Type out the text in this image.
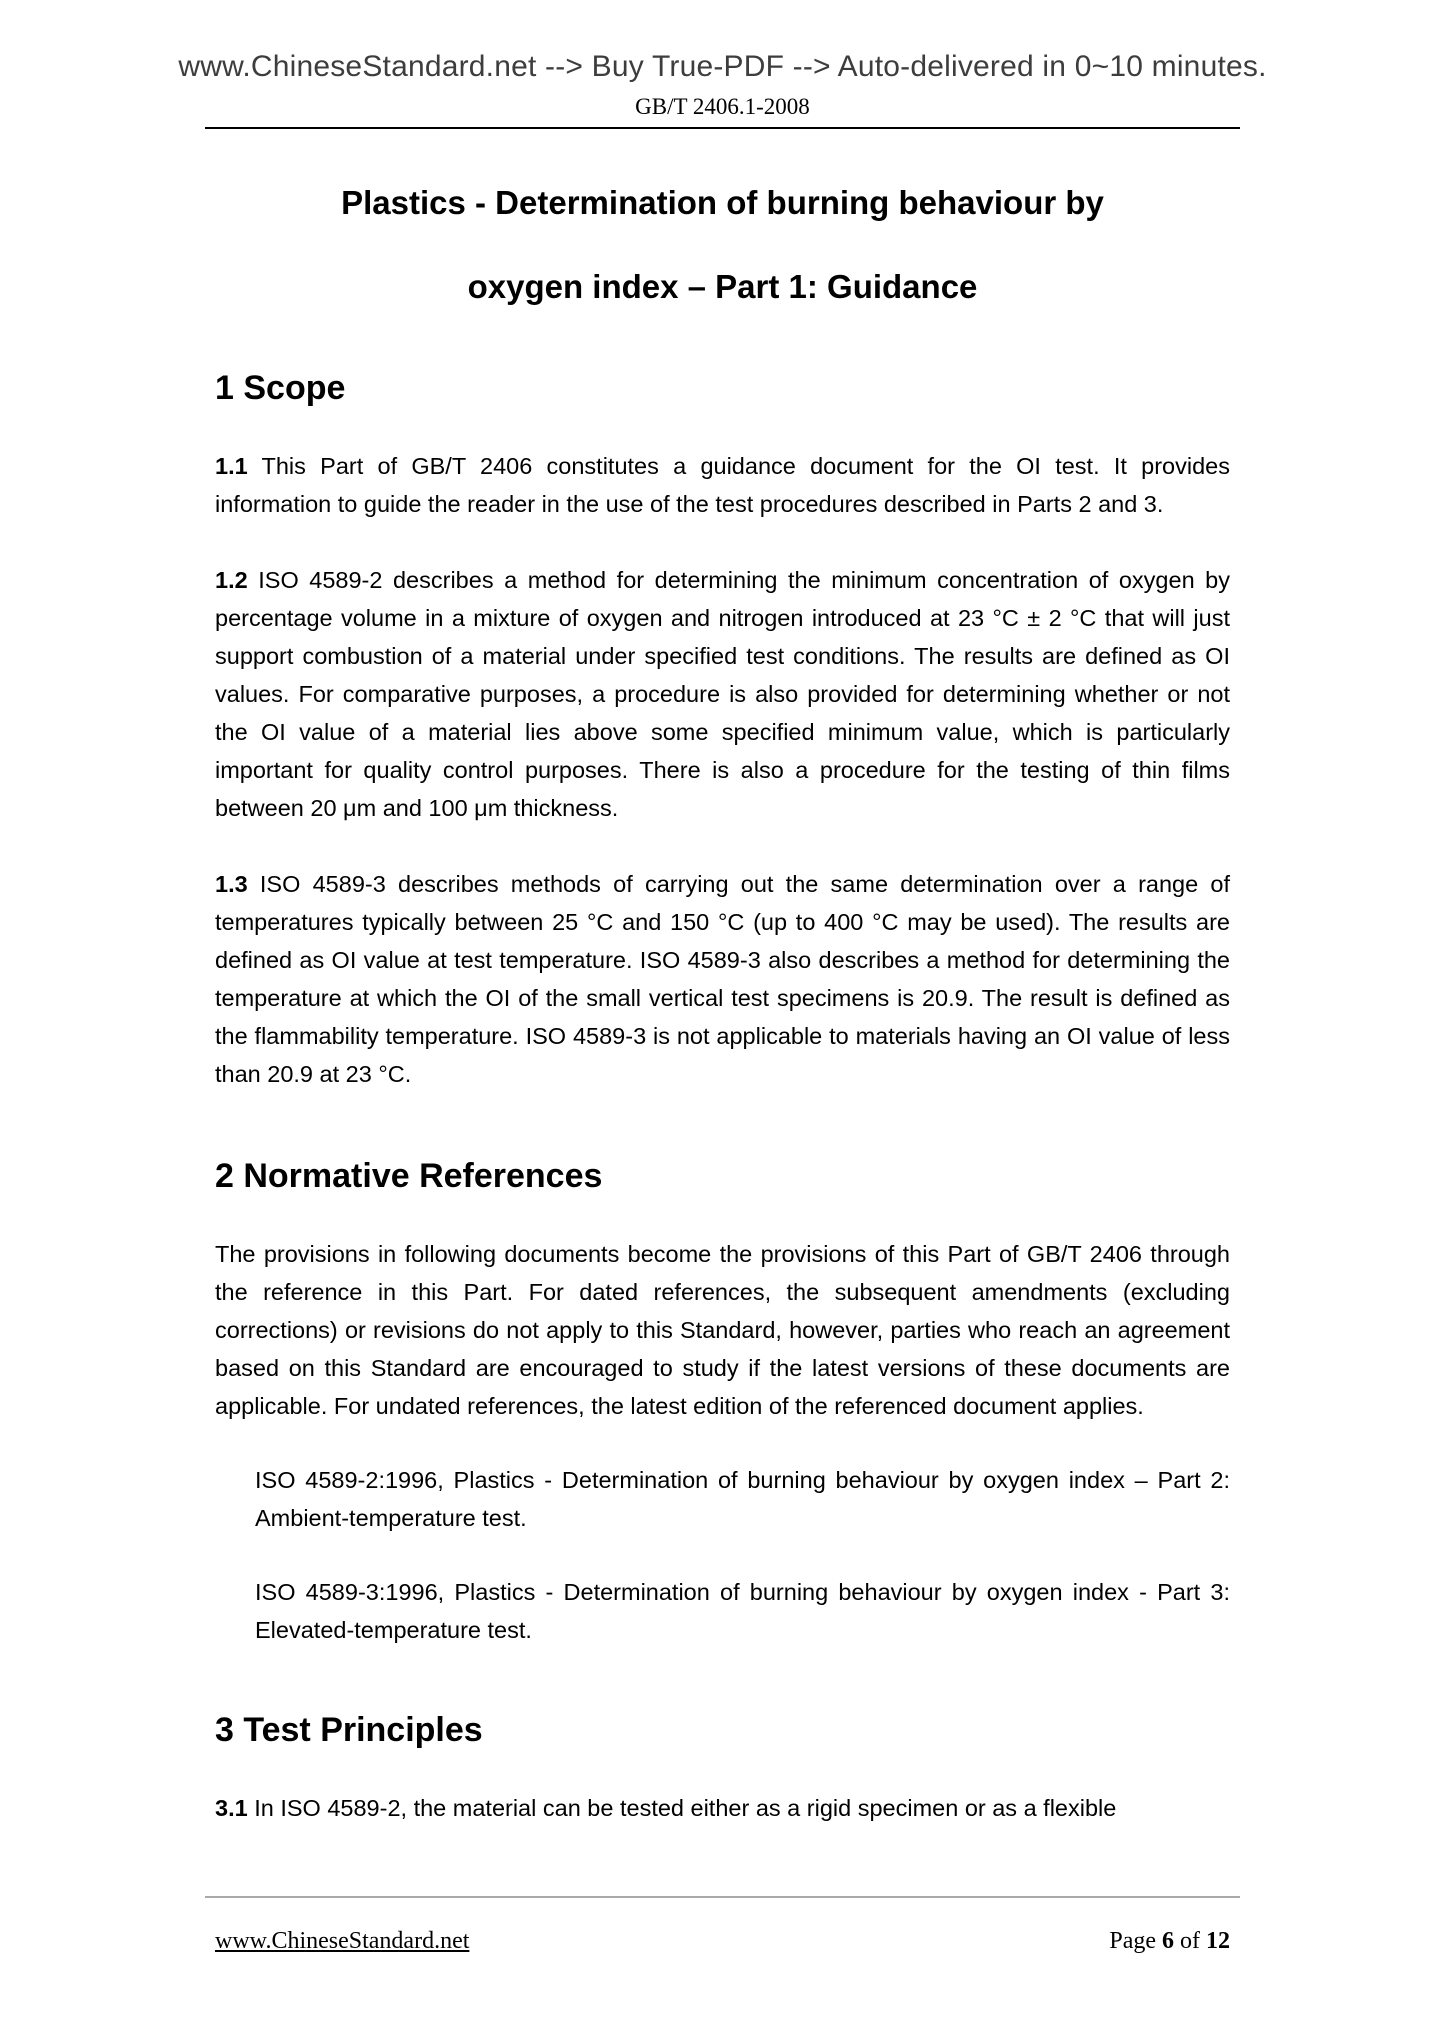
www.ChineseStandard.net --> Buy True-PDF --> Auto-delivered in 0~10 minutes.
GB/T 2406.1-2008
Plastics - Determination of burning behaviour by
oxygen index – Part 1: Guidance
1 Scope

1.1 This Part of GB/T 2406 constitutes a guidance document for the OI test. It provides information to guide the reader in the use of the test procedures described in Parts 2 and 3.

1.2 ISO 4589-2 describes a method for determining the minimum concentration of oxygen by percentage volume in a mixture of oxygen and nitrogen introduced at 23 °C ± 2 °C that will just support combustion of a material under specified test conditions. The results are defined as OI values. For comparative purposes, a procedure is also provided for determining whether or not the OI value of a material lies above some specified minimum value, which is particularly important for quality control purposes. There is also a procedure for the testing of thin films between 20 μm and 100 μm thickness.

1.3 ISO 4589-3 describes methods of carrying out the same determination over a range of temperatures typically between 25 °C and 150 °C (up to 400 °C may be used). The results are defined as OI value at test temperature. ISO 4589-3 also describes a method for determining the temperature at which the OI of the small vertical test specimens is 20.9. The result is defined as the flammability temperature. ISO 4589-3 is not applicable to materials having an OI value of less than 20.9 at 23 °C.

2 Normative References

The provisions in following documents become the provisions of this Part of GB/T 2406 through the reference in this Part. For dated references, the subsequent amendments (excluding corrections) or revisions do not apply to this Standard, however, parties who reach an agreement based on this Standard are encouraged to study if the latest versions of these documents are applicable. For undated references, the latest edition of the referenced document applies.

ISO 4589-2:1996, Plastics - Determination of burning behaviour by oxygen index – Part 2: Ambient-temperature test.

ISO 4589-3:1996, Plastics - Determination of burning behaviour by oxygen index - Part 3: Elevated-temperature test.

3 Test Principles

3.1 In ISO 4589-2, the material can be tested either as a rigid specimen or as a flexible

www.ChineseStandard.net	Page 6 of 12
